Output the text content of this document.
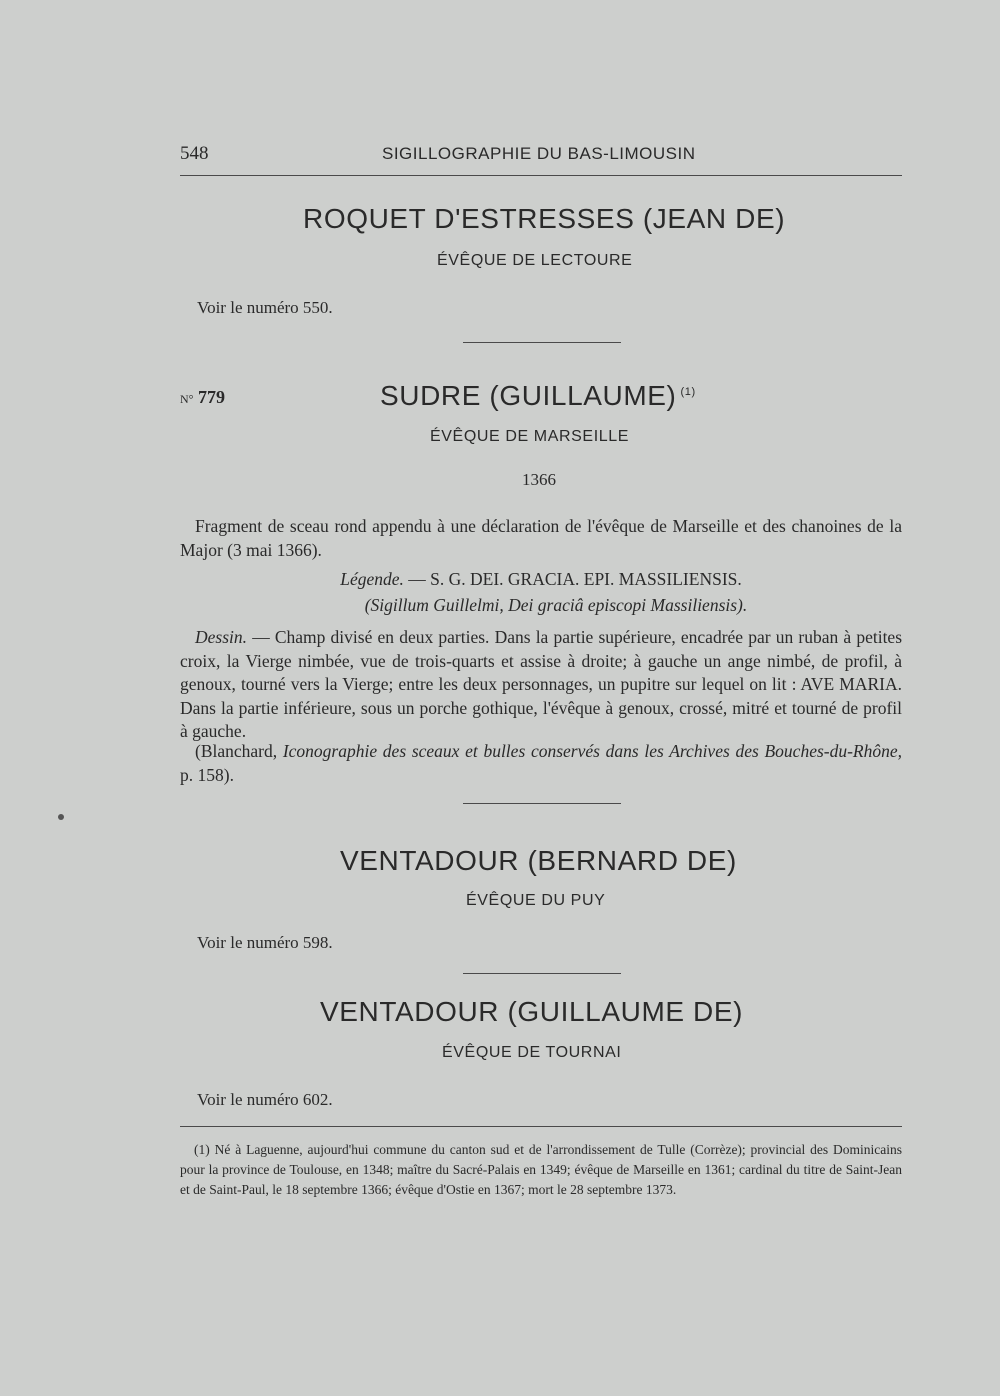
548	SIGILLOGRAPHIE DU BAS-LIMOUSIN
ROQUET D'ESTRESSES (JEAN DE)
ÉVÊQUE DE LECTOURE
Voir le numéro 550.
N° 779	SUDRE (GUILLAUME) $^{(1)}$
ÉVÊQUE DE MARSEILLE
1366
Fragment de sceau rond appendu à une déclaration de l'évêque de Marseille et des chanoines de la Major (3 mai 1366).
Légende. — S. G. DEI. GRACIA. EPI. MASSILIENSIS.
(Sigillum Guillelmi, Dei graciâ episcopi Massiliensis).
Dessin. — Champ divisé en deux parties. Dans la partie supérieure, encadrée par un ruban à petites croix, la Vierge nimbée, vue de trois-quarts et assise à droite; à gauche un ange nimbé, de profil, à genoux, tourné vers la Vierge; entre les deux personnages, un pupitre sur lequel on lit : AVE MARIA. Dans la partie inférieure, sous un porche gothique, l'évêque à genoux, crossé, mitré et tourné de profil à gauche.
(Blanchard, Iconographie des sceaux et bulles conservés dans les Archives des Bouches-du-Rhône, p. 158).
VENTADOUR (BERNARD DE)
ÉVÊQUE DU PUY
Voir le numéro 598.
VENTADOUR (GUILLAUME DE)
ÉVÊQUE DE TOURNAI
Voir le numéro 602.
(1) Né à Laguenne, aujourd'hui commune du canton sud et de l'arrondissement de Tulle (Corrèze); provincial des Dominicains pour la province de Toulouse, en 1348; maître du Sacré-Palais en 1349; évêque de Marseille en 1361; cardinal du titre de Saint-Jean et de Saint-Paul, le 18 septembre 1366; évêque d'Ostie en 1367; mort le 28 septembre 1373.
